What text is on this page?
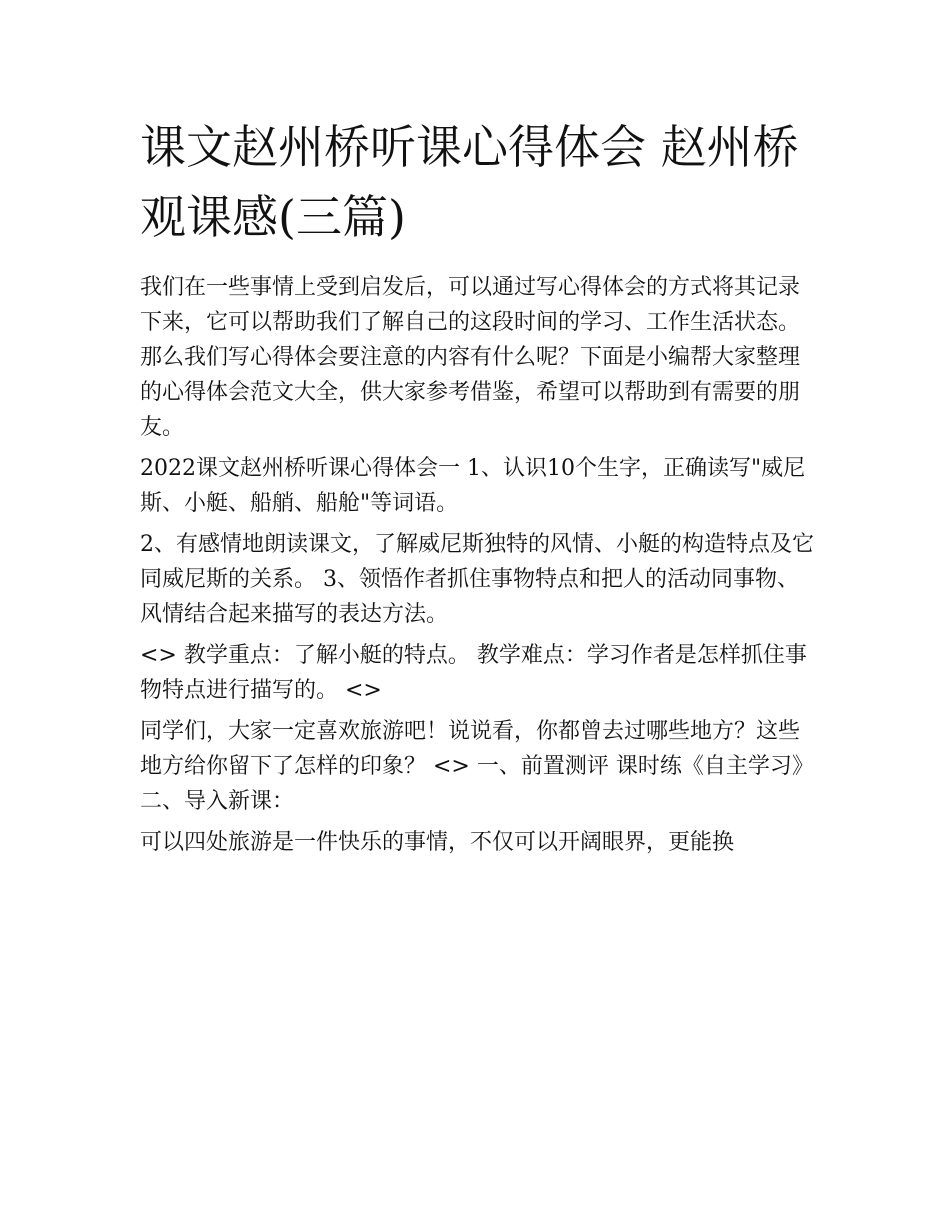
课文赵州桥听课心得体会 赵州桥观课感(三篇)

我们在一些事情上受到启发后，可以通过写心得体会的方式将其记录下来，它可以帮助我们了解自己的这段时间的学习、工作生活状态。那么我们写心得体会要注意的内容有什么呢？下面是小编帮大家整理的心得体会范文大全，供大家参考借鉴，希望可以帮助到有需要的朋友。

2022课文赵州桥听课心得体会一 1、认识10个生字，正确读写"威尼斯、小艇、船艄、船舱"等词语。

2、有感情地朗读课文，了解威尼斯独特的风情、小艇的构造特点及它同威尼斯的关系。 3、领悟作者抓住事物特点和把人的活动同事物、风情结合起来描写的表达方法。

<> 教学重点：了解小艇的特点。 教学难点：学习作者是怎样抓住事物特点进行描写的。 <>

同学们，大家一定喜欢旅游吧！说说看，你都曾去过哪些地方？这些地方给你留下了怎样的印象？ <> 一、前置测评 课时练《自主学习》 二、导入新课：

可以四处旅游是一件快乐的事情，不仅可以开阔眼界，更能换
